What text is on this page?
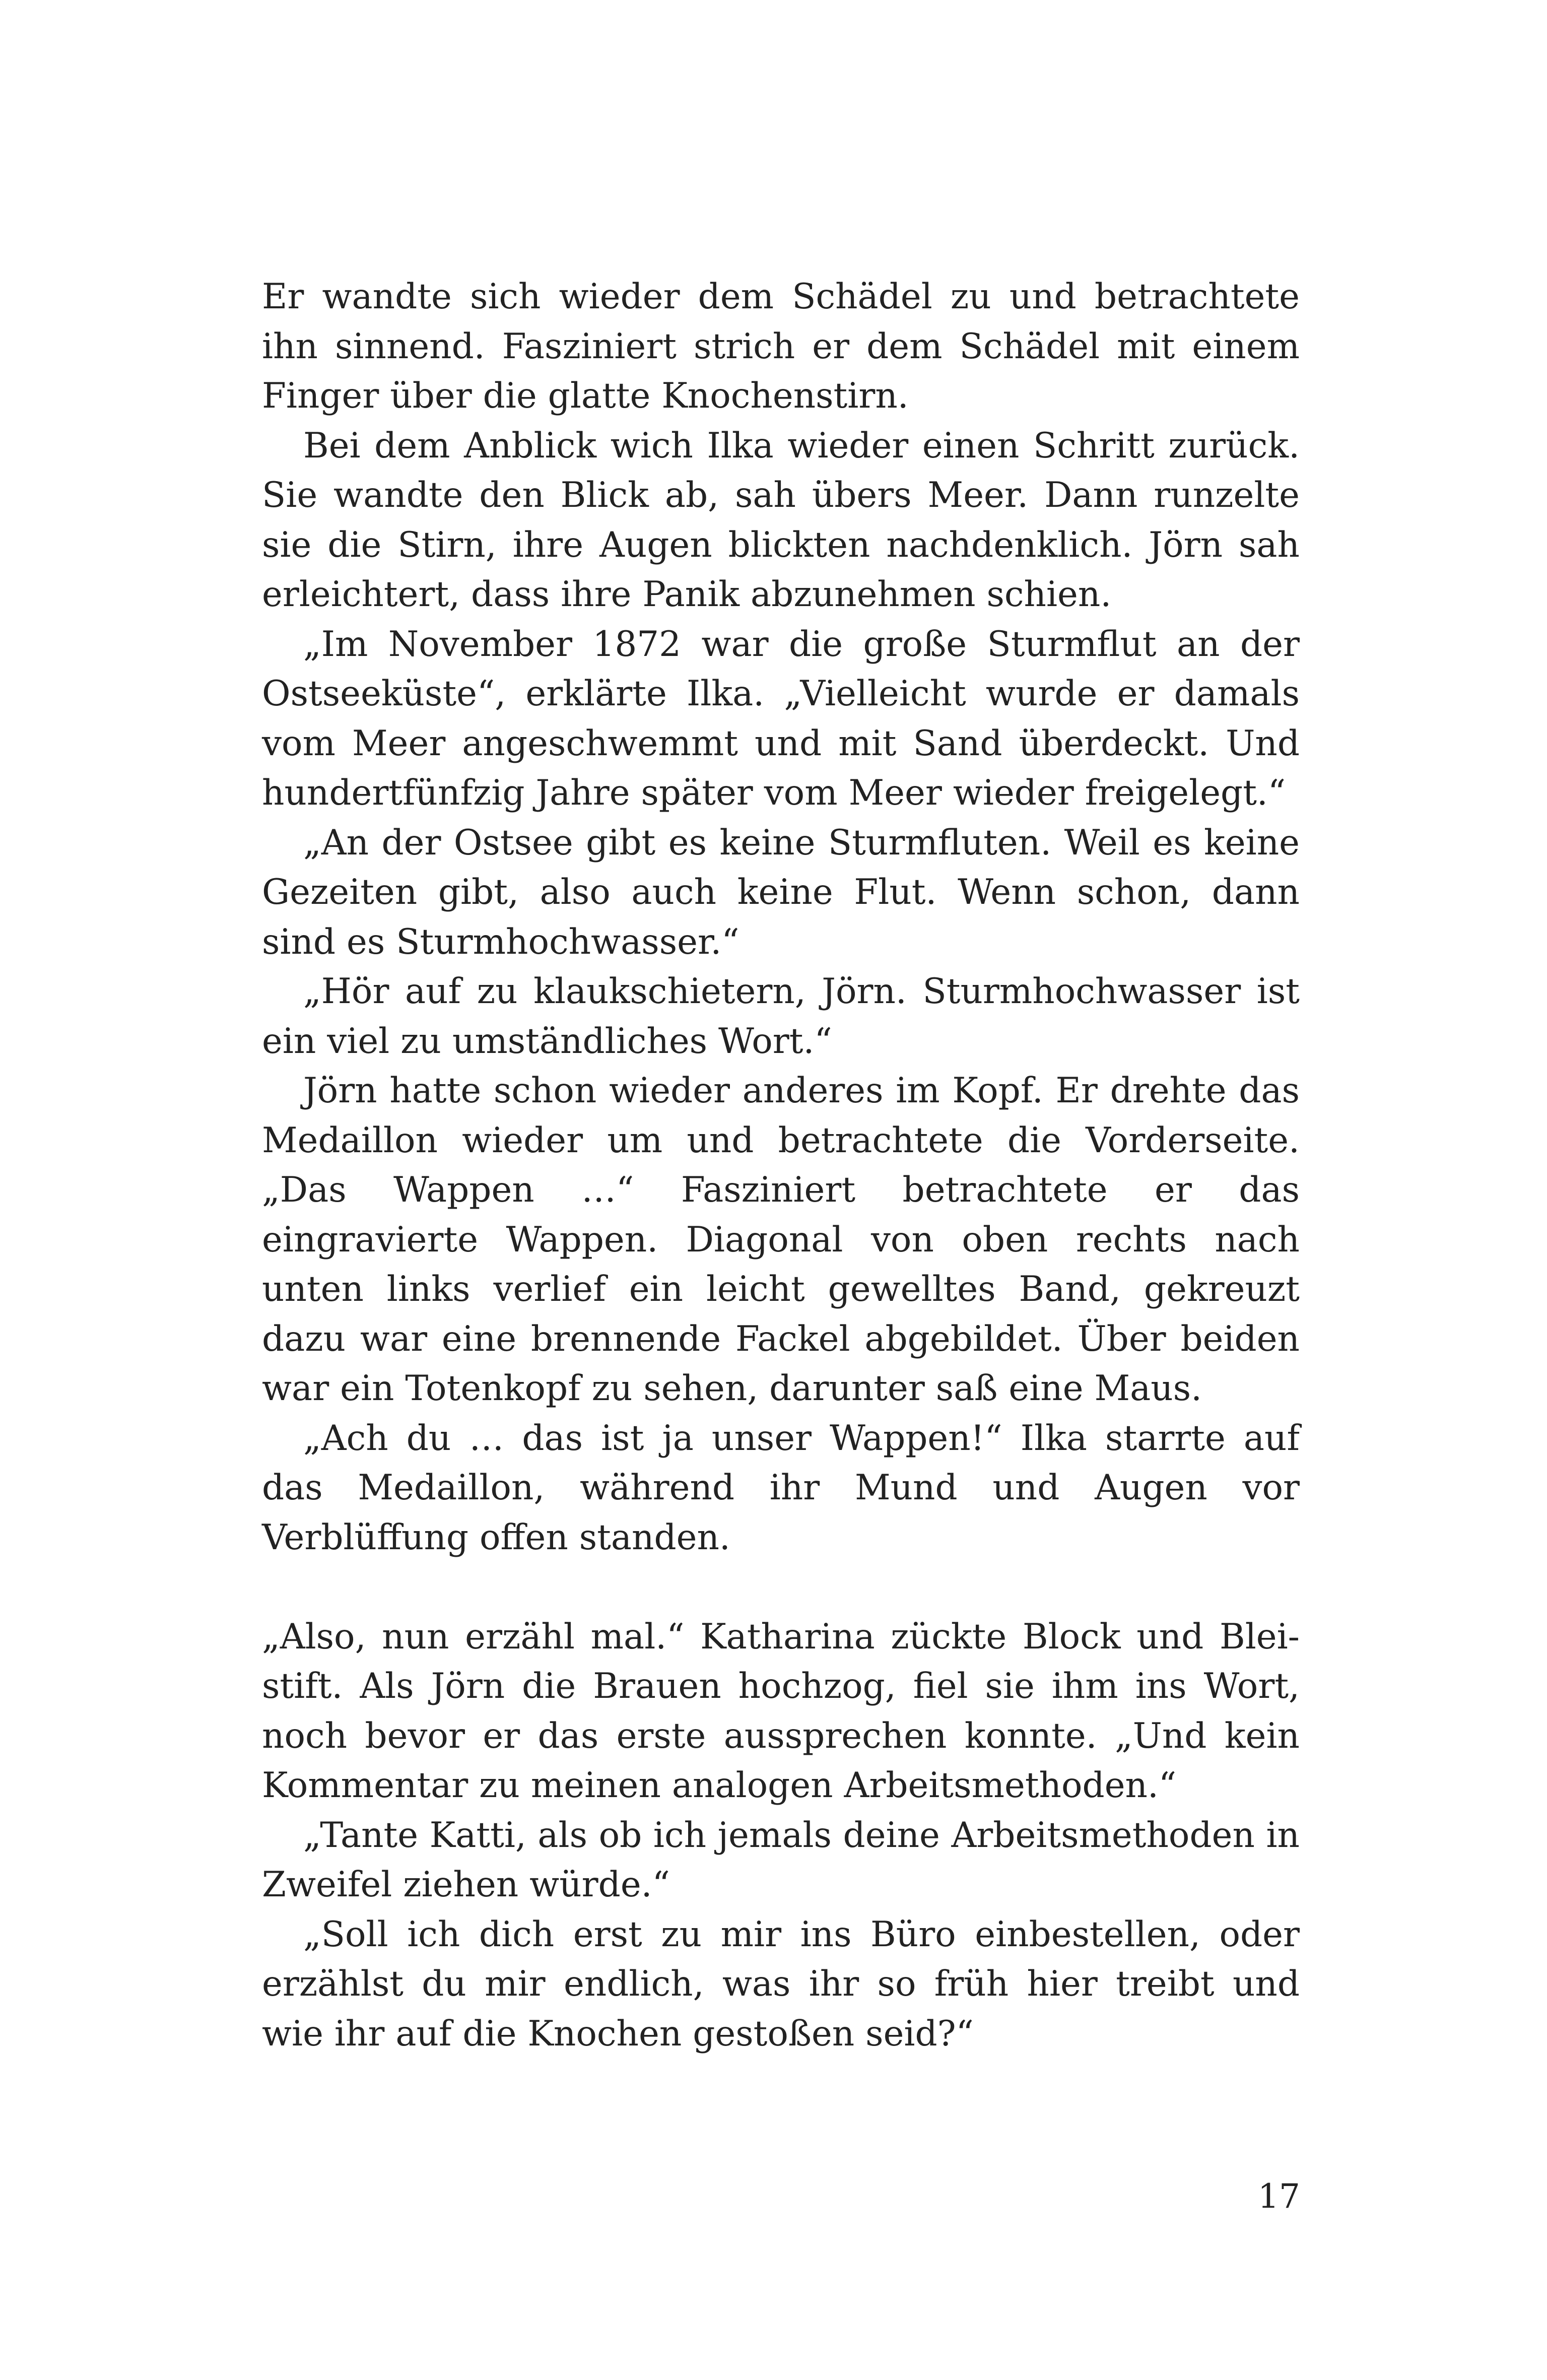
Er wandte sich wieder dem Schädel zu und betrachtete ihn sinnend. Fasziniert strich er dem Schädel mit einem Finger über die glatte Knochenstirn.

Bei dem Anblick wich Ilka wieder einen Schritt zurück. Sie wandte den Blick ab, sah übers Meer. Dann runzelte sie die Stirn, ihre Augen blickten nachdenklich. Jörn sah erleichtert, dass ihre Panik abzunehmen schien.

„Im November 1872 war die große Sturmflut an der Ostseeküste“, erklärte Ilka. „Vielleicht wurde er damals vom Meer angeschwemmt und mit Sand überdeckt. Und hundertfünfzig Jahre später vom Meer wieder freigelegt.“

„An der Ostsee gibt es keine Sturmfluten. Weil es keine Gezeiten gibt, also auch keine Flut. Wenn schon, dann sind es Sturmhochwasser.“

„Hör auf zu klaukschietern, Jörn. Sturmhochwasser ist ein viel zu umständliches Wort.“

Jörn hatte schon wieder anderes im Kopf. Er drehte das Medaillon wieder um und betrachtete die Vorderseite. „Das Wappen …“ Fasziniert betrachtete er das eingravierte Wappen. Diagonal von oben rechts nach unten links verlief ein leicht gewelltes Band, gekreuzt dazu war eine brennende Fackel abgebildet. Über beiden war ein Totenkopf zu sehen, darunter saß eine Maus.

„Ach du … das ist ja unser Wappen!“ Ilka starrte auf das Medaillon, während ihr Mund und Augen vor Verblüffung offen standen.

„Also, nun erzähl mal.“ Katharina zückte Block und Bleistift. Als Jörn die Brauen hochzog, fiel sie ihm ins Wort, noch bevor er das erste aussprechen konnte. „Und kein Kommentar zu meinen analogen Arbeitsmethoden.“

„Tante Katti, als ob ich jemals deine Arbeitsmethoden in Zweifel ziehen würde.“

„Soll ich dich erst zu mir ins Büro einbestellen, oder erzählst du mir endlich, was ihr so früh hier treibt und wie ihr auf die Knochen gestoßen seid?“

17
